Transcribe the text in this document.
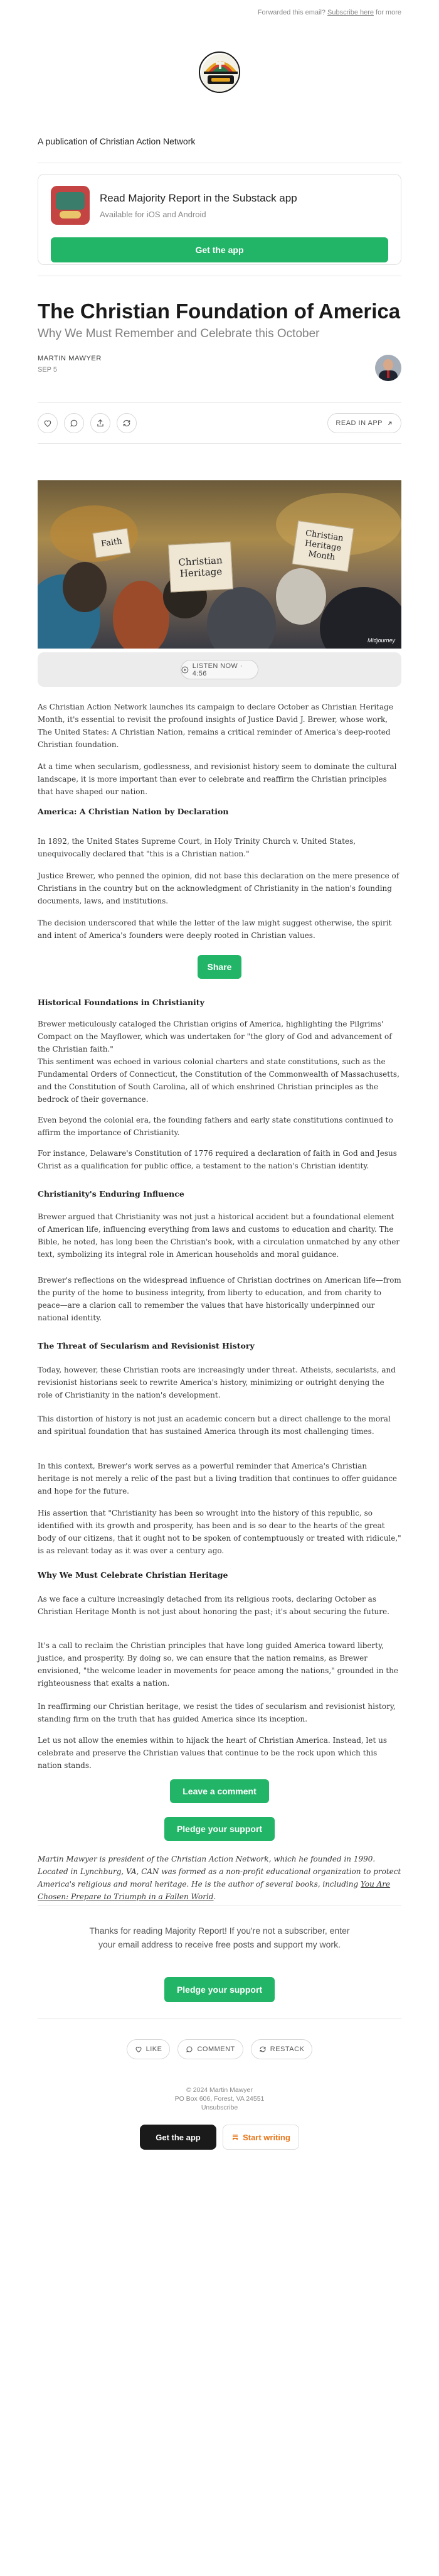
Forwarded this email? Subscribe here for more
A publication of Christian Action Network
Read Majority Report in the Substack app
Available for iOS and Android
Get the app
The Christian Foundation of America
Why We Must Remember and Celebrate this October
MARTIN MAWYER
SEP 5
READ IN APP
Christian Heritage Month
Christian Heritage
Faith
Midjourney
LISTEN NOW · 4:56

As Christian Action Network launches its campaign to declare October as Christian Heritage Month, it's essential to revisit the profound insights of Justice David J. Brewer, whose work, The United States: A Christian Nation, remains a critical reminder of America's deep-rooted Christian foundation.

At a time when secularism, godlessness, and revisionist history seem to dominate the cultural landscape, it is more important than ever to celebrate and reaffirm the Christian principles that have shaped our nation.

America: A Christian Nation by Declaration

In 1892, the United States Supreme Court, in Holy Trinity Church v. United States, unequivocally declared that "this is a Christian nation."

Justice Brewer, who penned the opinion, did not base this declaration on the mere presence of Christians in the country but on the acknowledgment of Christianity in the nation's founding documents, laws, and institutions.

The decision underscored that while the letter of the law might suggest otherwise, the spirit and intent of America's founders were deeply rooted in Christian values.

Share
Historical Foundations in Christianity

Brewer meticulously cataloged the Christian origins of America, highlighting the Pilgrims' Compact on the Mayflower, which was undertaken for "the glory of God and advancement of the Christian faith."

This sentiment was echoed in various colonial charters and state constitutions, such as the Fundamental Orders of Connecticut, the Constitution of the Commonwealth of Massachusetts, and the Constitution of South Carolina, all of which enshrined Christian principles as the bedrock of their governance.

Even beyond the colonial era, the founding fathers and early state constitutions continued to affirm the importance of Christianity.

For instance, Delaware's Constitution of 1776 required a declaration of faith in God and Jesus Christ as a qualification for public office, a testament to the nation's Christian identity.

Christianity's Enduring Influence

Brewer argued that Christianity was not just a historical accident but a foundational element of American life, influencing everything from laws and customs to education and charity. The Bible, he noted, has long been the Christian's book, with a circulation unmatched by any other text, symbolizing its integral role in American households and moral guidance.

Brewer's reflections on the widespread influence of Christian doctrines on American life—from the purity of the home to business integrity, from liberty to education, and from charity to peace—are a clarion call to remember the values that have historically underpinned our national identity.

The Threat of Secularism and Revisionist History

Today, however, these Christian roots are increasingly under threat. Atheists, secularists, and revisionist historians seek to rewrite America's history, minimizing or outright denying the role of Christianity in the nation's development.

This distortion of history is not just an academic concern but a direct challenge to the moral and spiritual foundation that has sustained America through its most challenging times.

In this context, Brewer's work serves as a powerful reminder that America's Christian heritage is not merely a relic of the past but a living tradition that continues to offer guidance and hope for the future.

His assertion that "Christianity has been so wrought into the history of this republic, so identified with its growth and prosperity, has been and is so dear to the hearts of the great body of our citizens, that it ought not to be spoken of contemptuously or treated with ridicule," is as relevant today as it was over a century ago.

Why We Must Celebrate Christian Heritage

As we face a culture increasingly detached from its religious roots, declaring October as Christian Heritage Month is not just about honoring the past; it's about securing the future.

It's a call to reclaim the Christian principles that have long guided America toward liberty, justice, and prosperity. By doing so, we can ensure that the nation remains, as Brewer envisioned, "the welcome leader in movements for peace among the nations," grounded in the righteousness that exalts a nation.

In reaffirming our Christian heritage, we resist the tides of secularism and revisionist history, standing firm on the truth that has guided America since its inception.

Let us not allow the enemies within to hijack the heart of Christian America. Instead, let us celebrate and preserve the Christian values that continue to be the rock upon which this nation stands.

Leave a comment
Pledge your support

Martin Mawyer is president of the Christian Action Network, which he founded in 1990. Located in Lynchburg, VA, CAN was formed as a non-profit educational organization to protect America's religious and moral heritage. He is the author of several books, including You Are Chosen: Prepare to Triumph in a Fallen World.

Thanks for reading Majority Report! If you're not a subscriber, enter your email address to receive free posts and support my work.
Pledge your support
LIKE	COMMENT	RESTACK
© 2024 Martin Mawyer
PO Box 606, Forest, VA 24551
Unsubscribe
Get the app	Start writing
